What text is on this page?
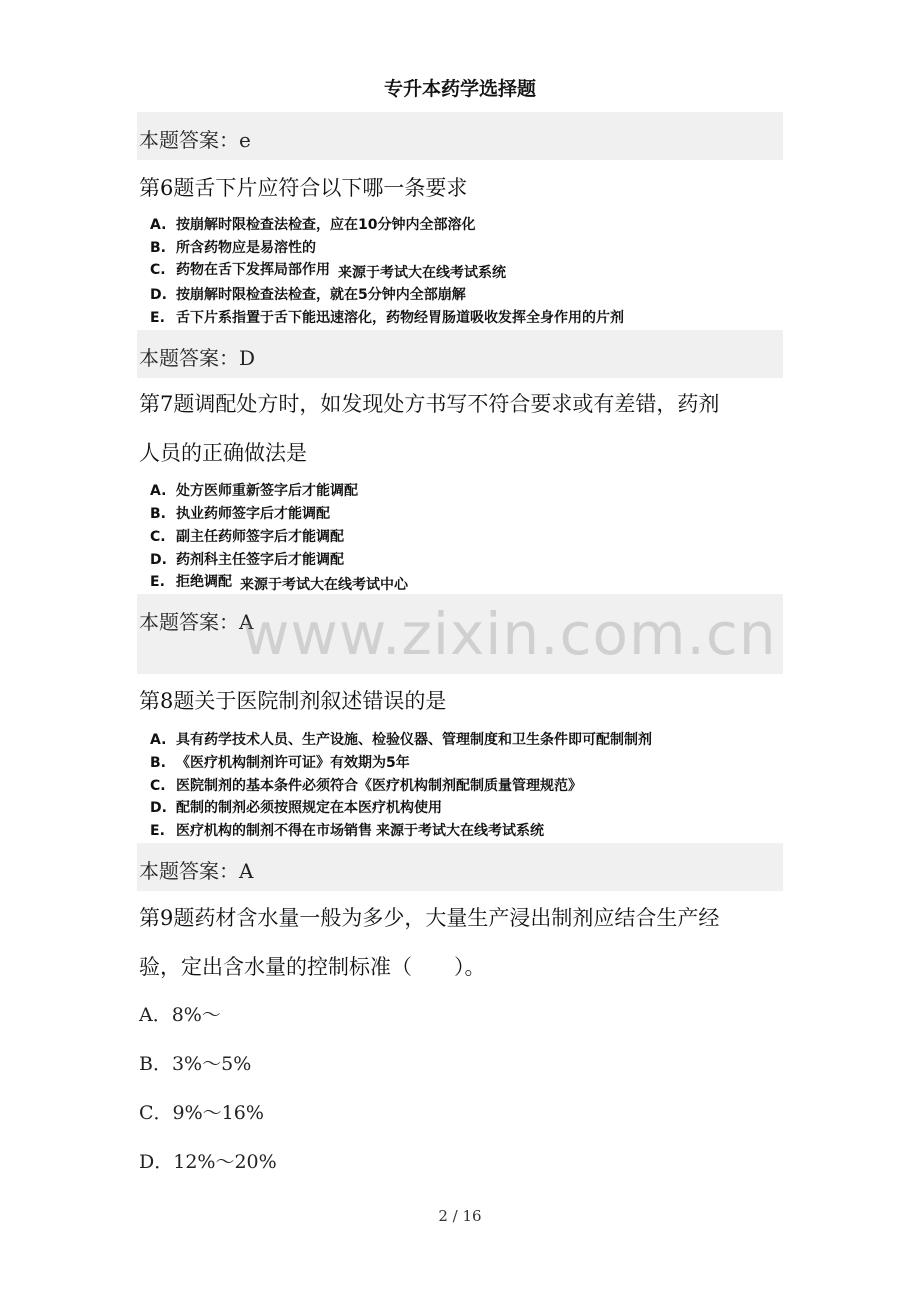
专升本药学选择题
本题答案：e
第6题舌下片应符合以下哪一条要求
A. 按崩解时限检查法检查，应在10分钟内全部溶化
B. 所含药物应是易溶性的
C. 药物在舌下发挥局部作用 来源于考试大在线考试系统
D. 按崩解时限检查法检查，就在5分钟内全部崩解
E. 舌下片系指置于舌下能迅速溶化，药物经胃肠道吸收发挥全身作用的片剂
本题答案：D
第7题调配处方时，如发现处方书写不符合要求或有差错，药剂
人员的正确做法是
A. 处方医师重新签字后才能调配
B. 执业药师签字后才能调配
C. 副主任药师签字后才能调配
D. 药剂科主任签字后才能调配
E. 拒绝调配 来源于考试大在线考试中心
本题答案：A
www.zixin.com.cn
第8题关于医院制剂叙述错误的是
A. 具有药学技术人员、生产设施、检验仪器、管理制度和卫生条件即可配制制剂
B. 《医疗机构制剂许可证》有效期为5年
C. 医院制剂的基本条件必须符合《医疗机构制剂配制质量管理规范》
D. 配制的制剂必须按照规定在本医疗机构使用
E. 医疗机构的制剂不得在市场销售 来源于考试大在线考试系统
本题答案：A
第9题药材含水量一般为多少，大量生产浸出制剂应结合生产经
验，定出含水量的控制标准（　　）。
A．8%～
B．3%～5%
C．9%～16%
D．12%～20%
2 / 16
